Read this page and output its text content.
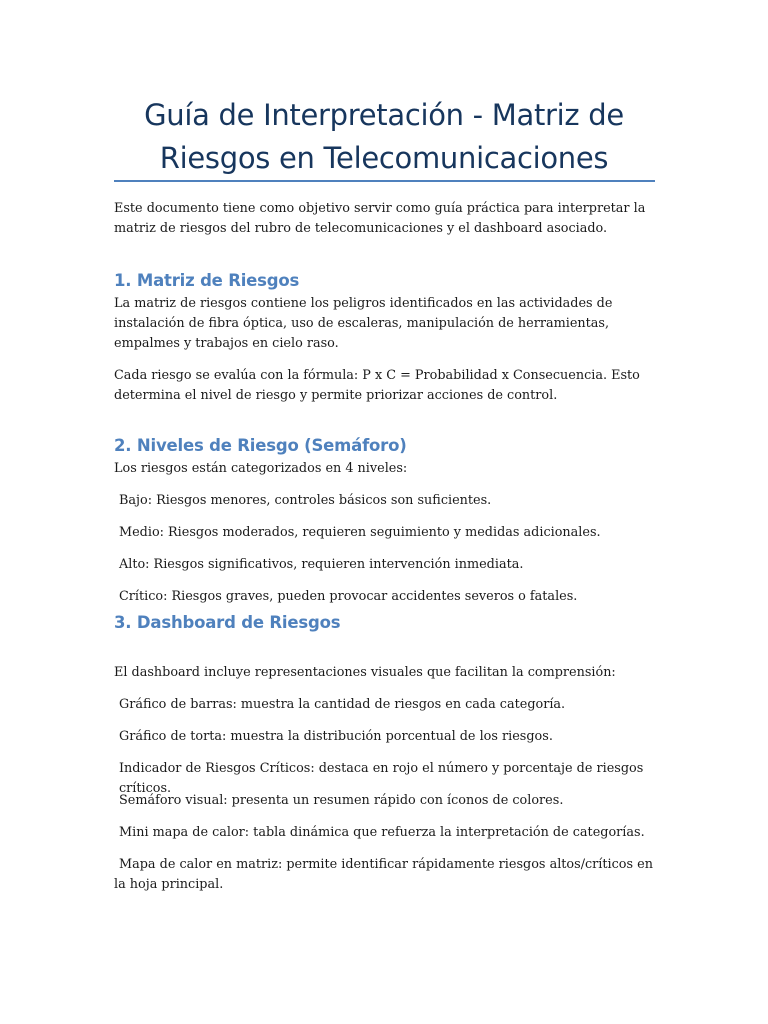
Guía de Interpretación - Matriz de Riesgos en Telecomunicaciones

Este documento tiene como objetivo servir como guía práctica para interpretar la matriz de riesgos del rubro de telecomunicaciones y el dashboard asociado.

1. Matriz de Riesgos

La matriz de riesgos contiene los peligros identificados en las actividades de instalación de fibra óptica, uso de escaleras, manipulación de herramientas, empalmes y trabajos en cielo raso.

Cada riesgo se evalúa con la fórmula: P x C = Probabilidad x Consecuencia. Esto determina el nivel de riesgo y permite priorizar acciones de control.

2. Niveles de Riesgo (Semáforo)

Los riesgos están categorizados en 4 niveles:

Bajo: Riesgos menores, controles básicos son suficientes.

Medio: Riesgos moderados, requieren seguimiento y medidas adicionales.

Alto: Riesgos significativos, requieren intervención inmediata.

Crítico: Riesgos graves, pueden provocar accidentes severos o fatales.

3. Dashboard de Riesgos

El dashboard incluye representaciones visuales que facilitan la comprensión:

Gráfico de barras: muestra la cantidad de riesgos en cada categoría.

Gráfico de torta: muestra la distribución porcentual de los riesgos.

Indicador de Riesgos Críticos: destaca en rojo el número y porcentaje de riesgos críticos.

Semáforo visual: presenta un resumen rápido con íconos de colores.

Mini mapa de calor: tabla dinámica que refuerza la interpretación de categorías.

Mapa de calor en matriz: permite identificar rápidamente riesgos altos/críticos en la hoja principal.
